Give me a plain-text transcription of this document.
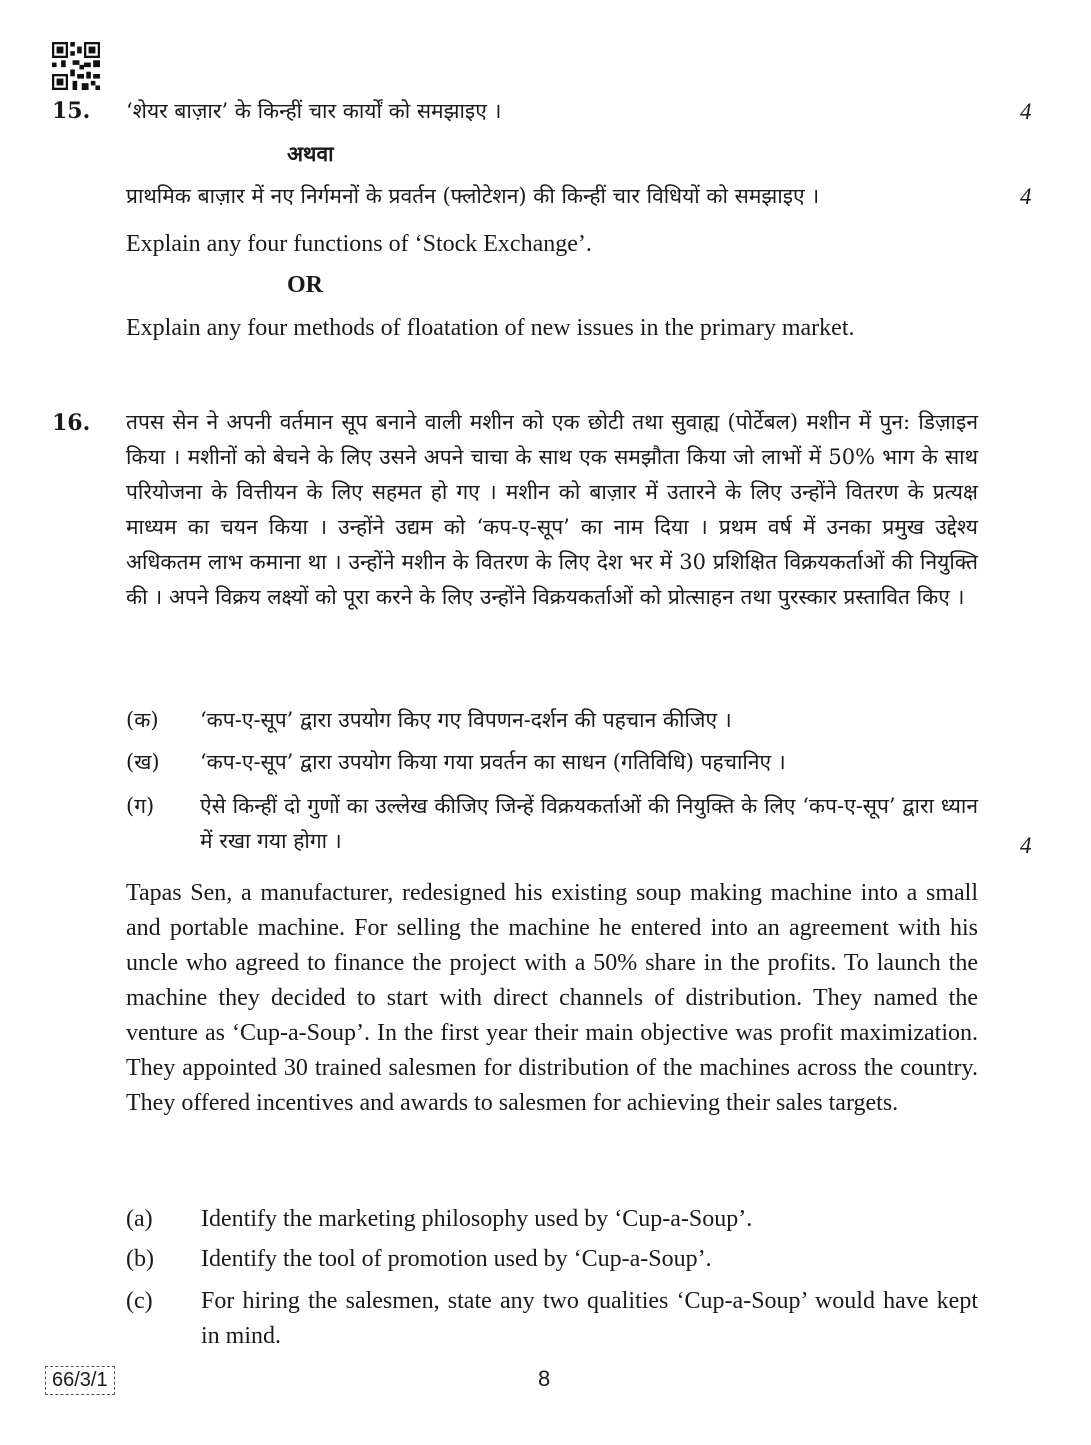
15. ‘शेयर बाज़ार’ के किन्हीं चार कार्यों को समझाइए ।	4
अथवा
प्राथमिक बाज़ार में नए निर्गमनों के प्रवर्तन (फ्लोटेशन) की किन्हीं चार विधियों को समझाइए ।	4
Explain any four functions of ‘Stock Exchange’.
OR
Explain any four methods of floatation of new issues in the primary market.
16. तपस सेन ने अपनी वर्तमान सूप बनाने वाली मशीन को एक छोटी तथा सुवाह्य (पोर्टेबल) मशीन में पुन: डिज़ाइन किया । मशीनों को बेचने के लिए उसने अपने चाचा के साथ एक समझौता किया जो लाभों में 50% भाग के साथ परियोजना के वित्तीयन के लिए सहमत हो गए । मशीन को बाज़ार में उतारने के लिए उन्होंने वितरण के प्रत्यक्ष माध्यम का चयन किया । उन्होंने उद्यम को ‘कप-ए-सूप’ का नाम दिया । प्रथम वर्ष में उनका प्रमुख उद्देश्य अधिकतम लाभ कमाना था । उन्होंने मशीन के वितरण के लिए देश भर में 30 प्रशिक्षित विक्रयकर्ताओं की नियुक्ति की । अपने विक्रय लक्ष्यों को पूरा करने के लिए उन्होंने विक्रयकर्ताओं को प्रोत्साहन तथा पुरस्कार प्रस्तावित किए ।
(क)	‘कप-ए-सूप’ द्वारा उपयोग किए गए विपणन-दर्शन की पहचान कीजिए ।
(ख)	‘कप-ए-सूप’ द्वारा उपयोग किया गया प्रवर्तन का साधन (गतिविधि) पहचानिए ।
(ग)	ऐसे किन्हीं दो गुणों का उल्लेख कीजिए जिन्हें विक्रयकर्ताओं की नियुक्ति के लिए ‘कप-ए-सूप’ द्वारा ध्यान में रखा गया होगा ।	4
Tapas Sen, a manufacturer, redesigned his existing soup making machine into a small and portable machine. For selling the machine he entered into an agreement with his uncle who agreed to finance the project with a 50% share in the profits. To launch the machine they decided to start with direct channels of distribution. They named the venture as ‘Cup-a-Soup’. In the first year their main objective was profit maximization. They appointed 30 trained salesmen for distribution of the machines across the country. They offered incentives and awards to salesmen for achieving their sales targets.
(a)	Identify the marketing philosophy used by ‘Cup-a-Soup’.
(b)	Identify the tool of promotion used by ‘Cup-a-Soup’.
(c)	For hiring the salesmen, state any two qualities ‘Cup-a-Soup’ would have kept in mind.
66/3/1	8
